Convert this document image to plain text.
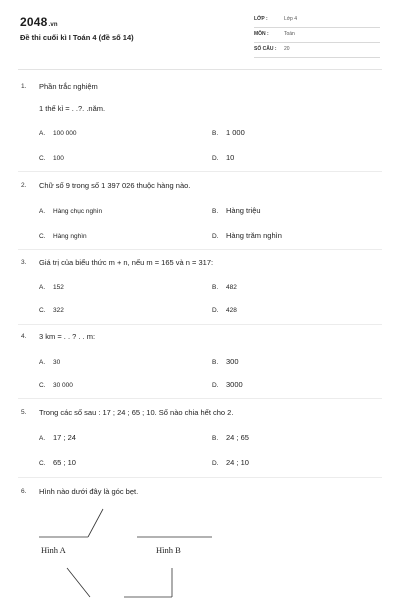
2048.vn
Đề thi cuối kì I Toán 4 (đề số 14)
LỚP :	Lớp 4
MÔN :	Toán
SỐ CÂU : 20
1. Phần trắc nghiệm
1 thế kỉ = . .?. .năm.
A. 100 000	B. 1 000
C. 100	D. 10
2. Chữ số 9 trong số 1 397 026 thuộc hàng nào.
A. Hàng chục nghìn	B. Hàng triệu
C. Hàng nghìn	D. Hàng trăm nghìn
3. Giá trị của biểu thức m + n, nếu m = 165 và n = 317:
A. 152	B. 482
C. 322	D. 428
4. 3 km = . . ? . . m:
A. 30	B. 300
C. 30 000	D. 3000
5. Trong các số sau : 17 ; 24 ; 65 ; 10. Số nào chia hết cho 2.
A. 17 ; 24	B. 24 ; 65
C. 65 ; 10	D. 24 ; 10
6. Hình nào dưới đây là góc bẹt.
Hình A	Hình B
